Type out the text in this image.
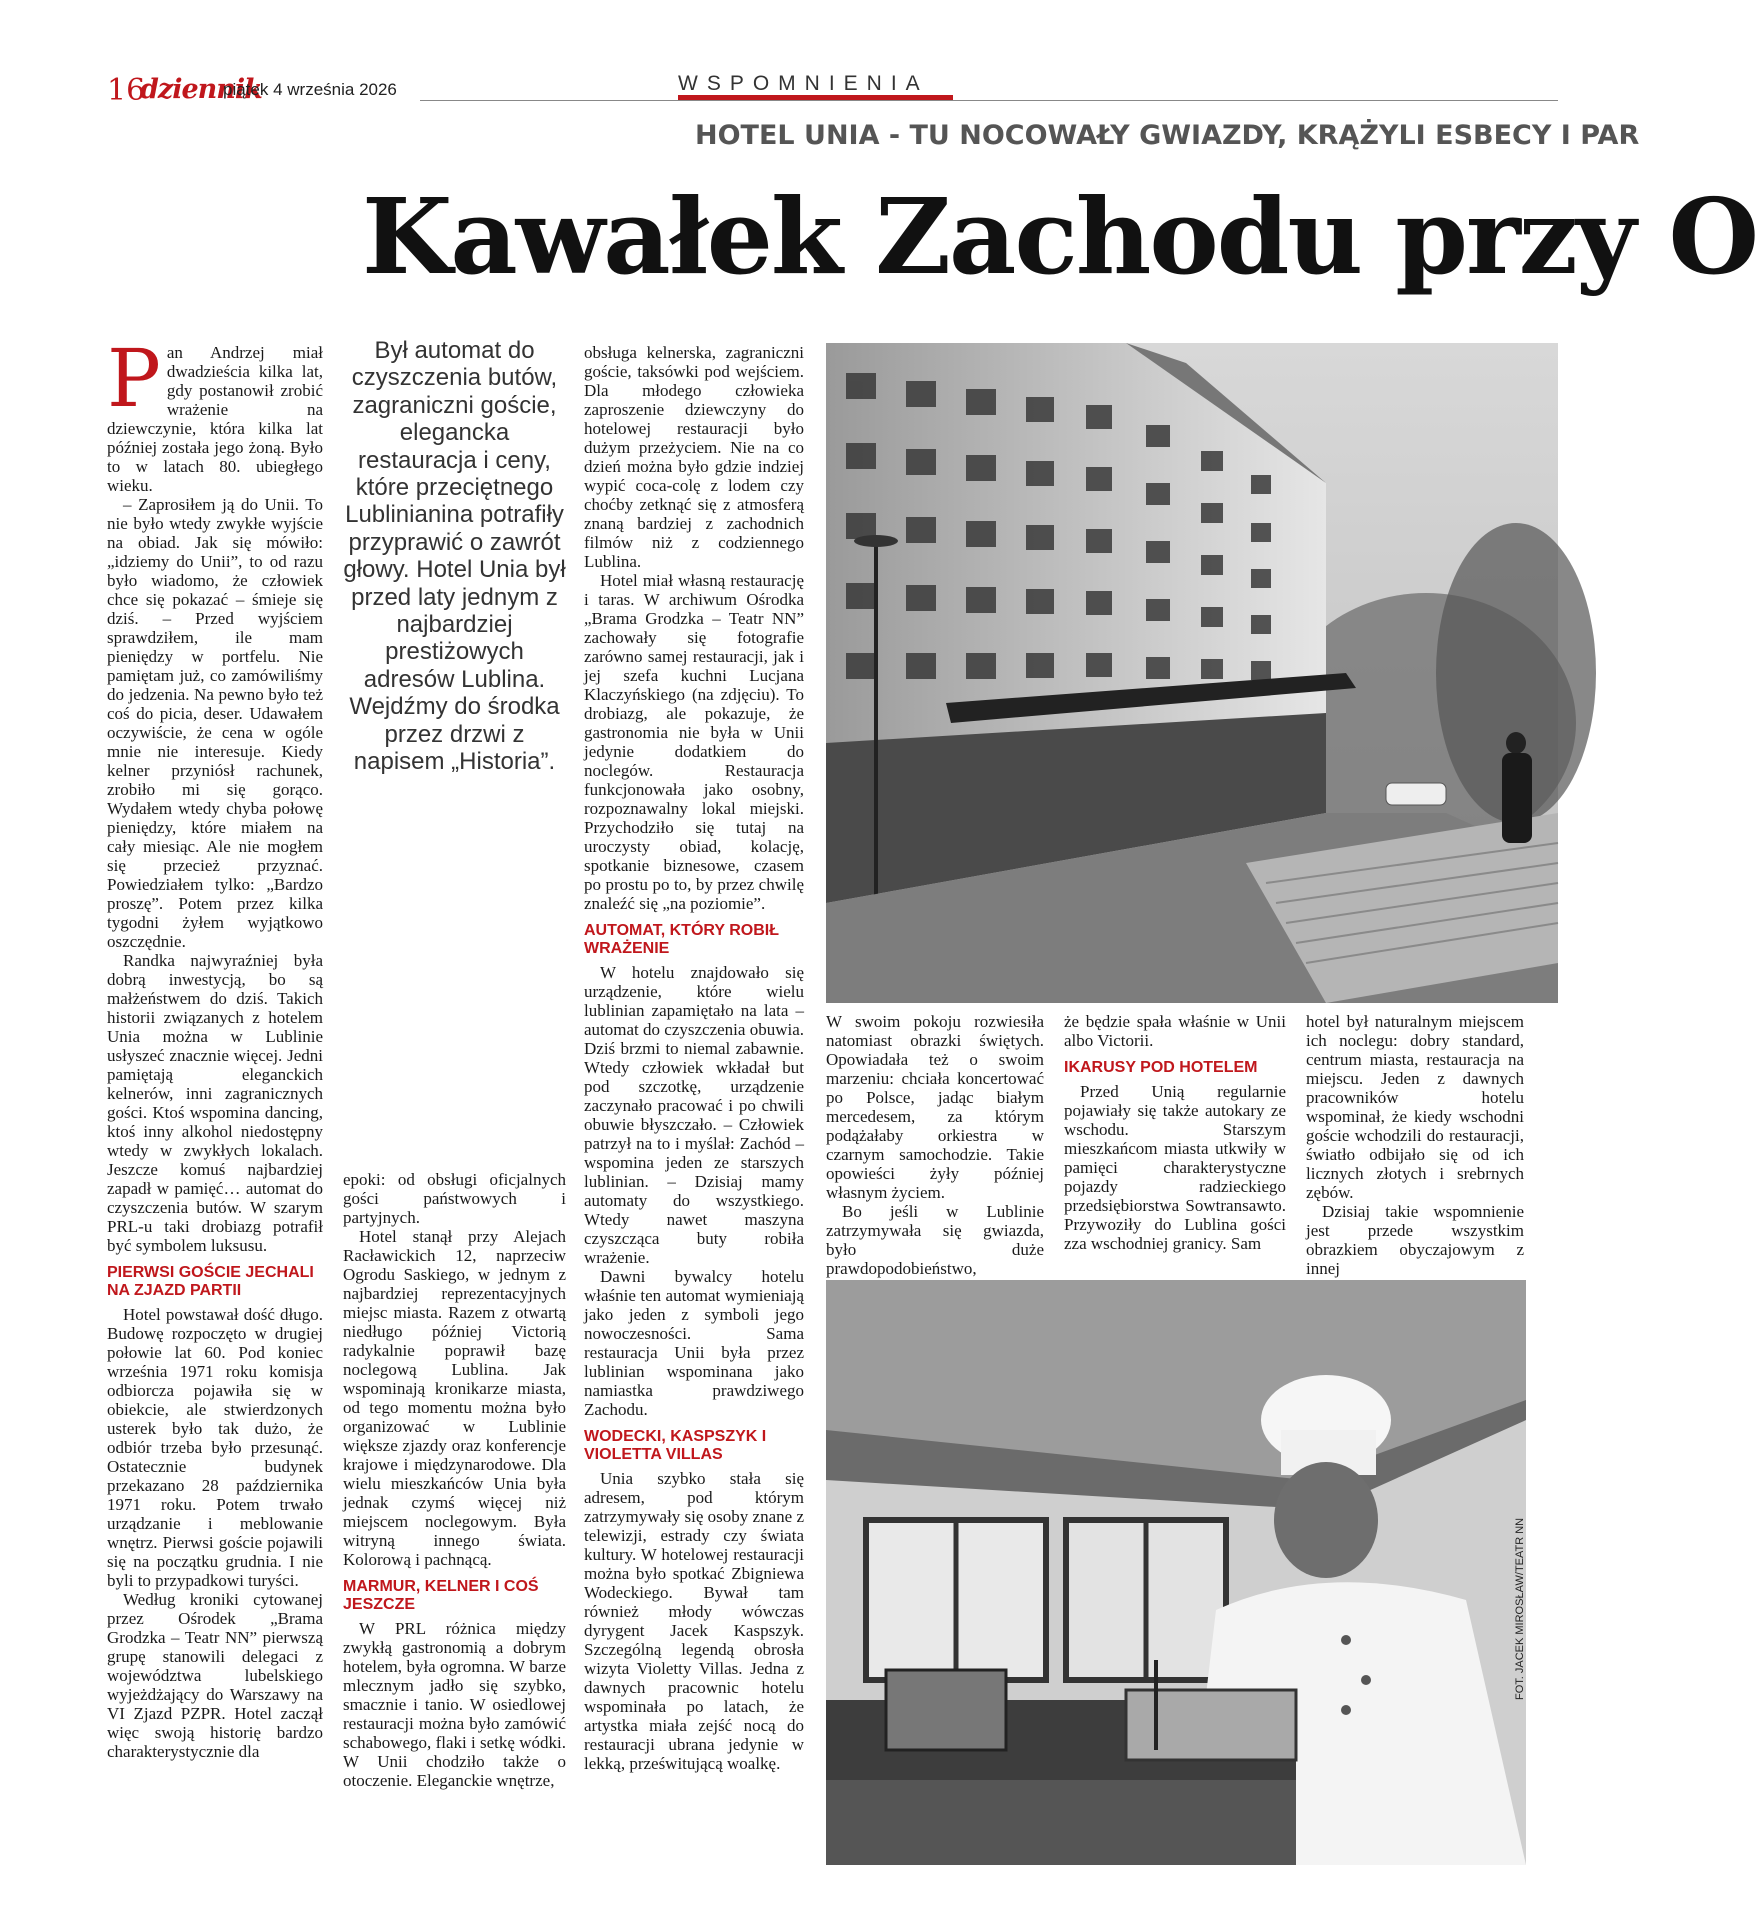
16
dziennik
piątek 4 września 2026	WSPOMNIENIA
HOTEL UNIA - TU NOCOWAŁY GWIAZDY, KRĄŻYLI ESBECY I PAR
Kawałek Zachodu przy O
P an Andrzej miał dwadzieścia kilka lat, gdy postanowił zrobić wrażenie na dziewczynie, która kilka lat później została jego żoną. Było to w latach 80. ubiegłego wieku.

– Zaprosiłem ją do Unii. To nie było wtedy zwykłe wyjście na obiad. Jak się mówiło: „idziemy do Unii”, to od razu było wiadomo, że człowiek chce się pokazać – śmieje się dziś. – Przed wyjściem sprawdziłem, ile mam pieniędzy w portfelu. Nie pamiętam już, co zamówiliśmy do jedzenia. Na pewno było też coś do picia, deser. Udawałem oczywiście, że cena w ogóle mnie nie interesuje. Kiedy kelner przyniósł rachunek, zrobiło mi się gorąco. Wydałem wtedy chyba połowę pieniędzy, które miałem na cały miesiąc. Ale nie mogłem się przecież przyznać. Powiedziałem tylko: „Bardzo proszę”. Potem przez kilka tygodni żyłem wyjątkowo oszczędnie.

Randka najwyraźniej była dobrą inwestycją, bo są małżeństwem do dziś. Takich historii związanych z hotelem Unia można w Lublinie usłyszeć znacznie więcej. Jedni pamiętają eleganckich kelnerów, inni zagranicznych gości. Ktoś wspomina dancing, ktoś inny alkohol niedostępny wtedy w zwykłych lokalach. Jeszcze komuś najbardziej zapadł w pamięć… automat do czyszczenia butów. W szarym PRL-u taki drobiazg potrafił być symbolem luksusu.

PIERWSI GOŚCIE JECHALI NA ZJAZD PARTII

Hotel powstawał dość długo. Budowę rozpoczęto w drugiej połowie lat 60. Pod koniec września 1971 roku komisja odbiorcza pojawiła się w obiekcie, ale stwierdzonych usterek było tak dużo, że odbiór trzeba było przesunąć. Ostatecznie budynek przekazano 28 października 1971 roku. Potem trwało urządzanie i meblowanie wnętrz. Pierwsi goście pojawili się na początku grudnia. I nie byli to przypadkowi turyści.

Według kroniki cytowanej przez Ośrodek „Brama Grodzka – Teatr NN” pierwszą grupę stanowili delegaci z województwa lubelskiego wyjeżdżający do Warszawy na VI Zjazd PZPR. Hotel zaczął więc swoją historię bardzo charakterystycznie dla

Był automat do czyszczenia butów, zagraniczni goście, elegancka restauracja i ceny, które przeciętnego Lublinianina potrafiły przyprawić o zawrót głowy. Hotel Unia był przed laty jednym z najbardziej prestiżowych adresów Lublina. Wejdźmy do środka przez drzwi z napisem „Historia”.

epoki: od obsługi oficjalnych gości państwowych i partyjnych.

Hotel stanął przy Alejach Racławickich 12, naprzeciw Ogrodu Saskiego, w jednym z najbardziej reprezentacyjnych miejsc miasta. Razem z otwartą niedługo później Victorią radykalnie poprawił bazę noclegową Lublina. Jak wspominają kronikarze miasta, od tego momentu można było organizować w Lublinie większe zjazdy oraz konferencje krajowe i międzynarodowe. Dla wielu mieszkańców Unia była jednak czymś więcej niż miejscem noclegowym. Była witryną innego świata. Kolorową i pachnącą.

MARMUR, KELNER I COŚ JESZCZE

W PRL różnica między zwykłą gastronomią a dobrym hotelem, była ogromna. W barze mlecznym jadło się szybko, smacznie i tanio. W osiedlowej restauracji można było zamówić schabowego, flaki i setkę wódki. W Unii chodziło także o otoczenie. Eleganckie wnętrze,

obsługa kelnerska, zagraniczni goście, taksówki pod wejściem. Dla młodego człowieka zaproszenie dziewczyny do hotelowej restauracji było dużym przeżyciem. Nie na co dzień można było gdzie indziej wypić coca-colę z lodem czy choćby zetknąć się z atmosferą znaną bardziej z zachodnich filmów niż z codziennego Lublina.

Hotel miał własną restaurację i taras. W archiwum Ośrodka „Brama Grodzka – Teatr NN” zachowały się fotografie zarówno samej restauracji, jak i jej szefa kuchni Lucjana Klaczyńskiego (na zdjęciu). To drobiazg, ale pokazuje, że gastronomia nie była w Unii jedynie dodatkiem do noclegów. Restauracja funkcjonowała jako osobny, rozpoznawalny lokal miejski. Przychodziło się tutaj na uroczysty obiad, kolację, spotkanie biznesowe, czasem po prostu po to, by przez chwilę znaleźć się „na poziomie”.

AUTOMAT, KTÓRY ROBIŁ WRAŻENIE

W hotelu znajdowało się urządzenie, które wielu lublinian zapamiętało na lata – automat do czyszczenia obuwia. Dziś brzmi to niemal zabawnie. Wtedy człowiek wkładał but pod szczotkę, urządzenie zaczynało pracować i po chwili obuwie błyszczało. – Człowiek patrzył na to i myślał: Zachód – wspomina jeden ze starszych lublinian. – Dzisiaj mamy automaty do wszystkiego. Wtedy nawet maszyna czyszcząca buty robiła wrażenie.

Dawni bywalcy hotelu właśnie ten automat wymieniają jako jeden z symboli jego nowoczesności. Sama restauracja Unii była przez lublinian wspominana jako namiastka prawdziwego Zachodu.

WODECKI, KASPSZYK I VIOLETTA VILLAS

Unia szybko stała się adresem, pod którym zatrzymywały się osoby znane z telewizji, estrady czy świata kultury. W hotelowej restauracji można było spotkać Zbigniewa Wodeckiego. Bywał tam również młody wówczas dyrygent Jacek Kaspszyk. Szczególną legendą obrosła wizyta Violetty Villas. Jedna z dawnych pracownic hotelu wspominała po latach, że artystka miała zejść nocą do restauracji ubrana jedynie w lekką, prześwitującą woalkę.

W swoim pokoju rozwiesiła natomiast obrazki świętych. Opowiadała też o swoim marzeniu: chciała koncertować po Polsce, jadąc białym mercedesem, za którym podążałaby orkiestra w czarnym samochodzie. Takie opowieści żyły później własnym życiem.

Bo jeśli w Lublinie zatrzymywała się gwiazda, było duże prawdopodobieństwo,

że będzie spała właśnie w Unii albo Victorii.

IKARUSY POD HOTELEM

Przed Unią regularnie pojawiały się także autokary ze wschodu. Starszym mieszkańcom miasta utkwiły w pamięci charakterystyczne pojazdy radzieckiego przedsiębiorstwa Sowtransawto. Przywoziły do Lublina gości zza wschodniej granicy. Sam

hotel był naturalnym miejscem ich noclegu: dobry standard, centrum miasta, restauracja na miejscu. Jeden z dawnych pracowników hotelu wspominał, że kiedy wschodni goście wchodzili do restauracji, światło odbijało się od ich licznych złotych i srebrnych zębów.

Dzisiaj takie wspomnienie jest przede wszystkim obrazkiem obyczajowym z innej

FOT. JACEK MIROSŁAW/TEATR NN
